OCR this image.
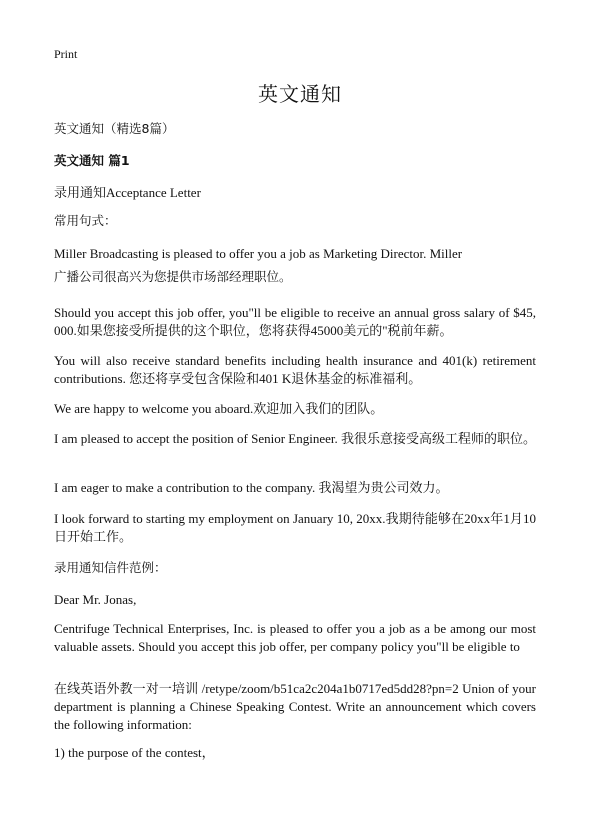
Print
英文通知
英文通知（精选8篇）
英文通知 篇1
录用通知Acceptance Letter
常用句式：
Miller Broadcasting is pleased to offer you a job as Marketing Director. Miller
广播公司很高兴为您提供市场部经理职位。
Should you accept this job offer, you"ll be eligible to receive an annual gross salary of $45, 000.如果您接受所提供的这个职位，您将获得45000美元的"税前年薪。
You will also receive standard benefits including health insurance and 401(k) retirement contributions. 您还将享受包含保险和401 K退休基金的标准福利。
We are happy to welcome you aboard.欢迎加入我们的团队。
I am pleased to accept the position of Senior Engineer. 我很乐意接受高级工程师的职位。
I am eager to make a contribution to the company. 我渴望为贵公司效力。
I look forward to starting my employment on January 10, 20xx.我期待能够在20xx年1月10日开始工作。
录用通知信件范例：
Dear Mr. Jonas,
Centrifuge Technical Enterprises, Inc. is pleased to offer you a job as a be among our most valuable assets. Should you accept this job offer, per company policy you"ll be eligible to
在线英语外教一对一培训 /retype/zoom/b51ca2c204a1b0717ed5dd28?pn=2 Union of your department is planning a Chinese Speaking Contest. Write an announcement which covers the following information:
1) the purpose of the contest，
